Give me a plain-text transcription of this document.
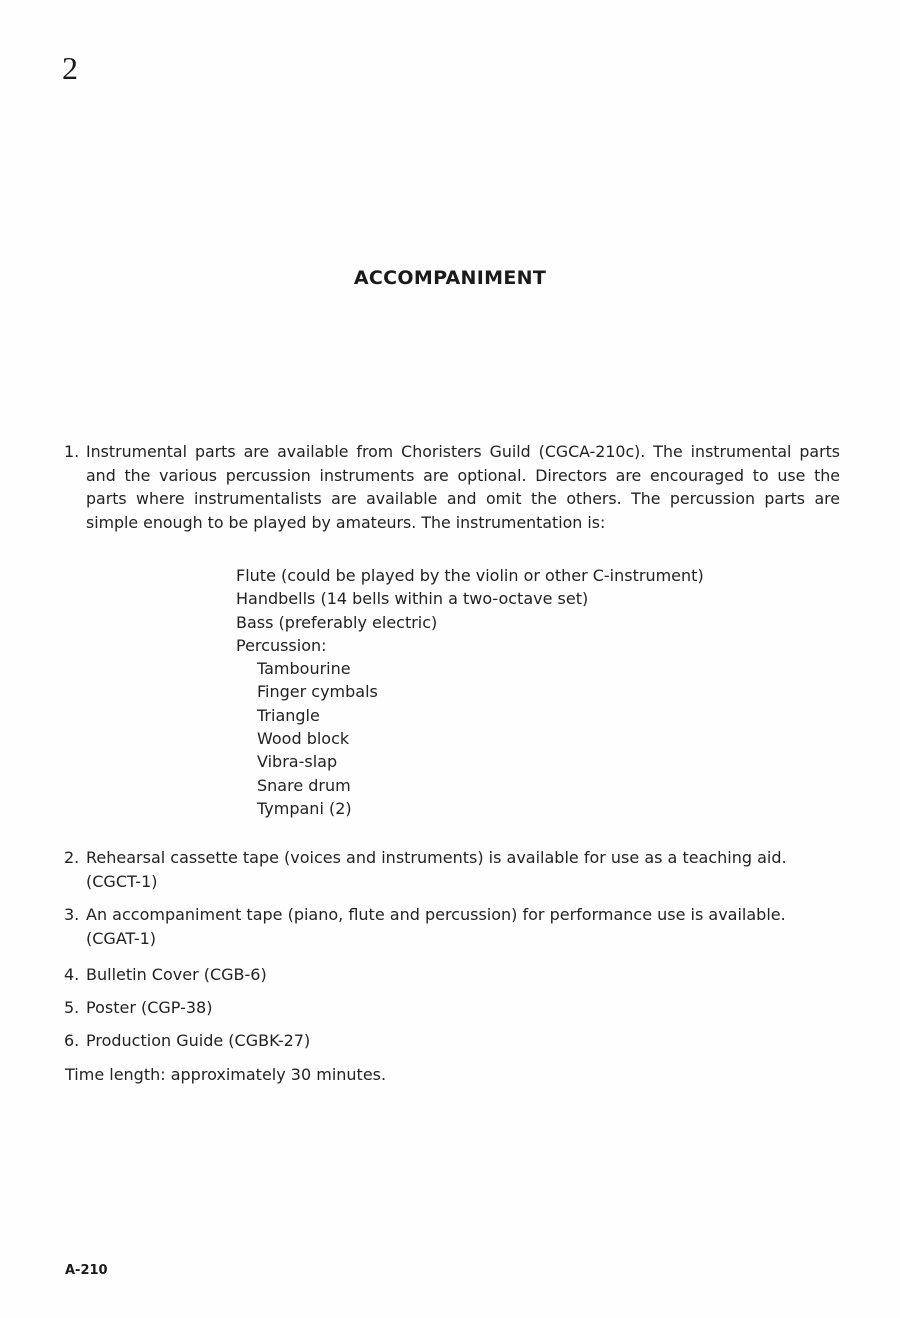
2
ACCOMPANIMENT
1. Instrumental parts are available from Choristers Guild (CGCA-210c). The instrumental parts and the various percussion instruments are optional. Directors are encouraged to use the parts where instrumentalists are available and omit the others. The percussion parts are simple enough to be played by amateurs. The instrumentation is:
Flute (could be played by the violin or other C-instrument)
Handbells (14 bells within a two-octave set)
Bass (preferably electric)
Percussion:
Tambourine
Finger cymbals
Triangle
Wood block
Vibra-slap
Snare drum
Tympani (2)
2. Rehearsal cassette tape (voices and instruments) is available for use as a teaching aid. (CGCT-1)
3. An accompaniment tape (piano, flute and percussion) for performance use is available. (CGAT-1)
4. Bulletin Cover (CGB-6)
5. Poster (CGP-38)
6. Production Guide (CGBK-27)
Time length: approximately 30 minutes.
A-210
